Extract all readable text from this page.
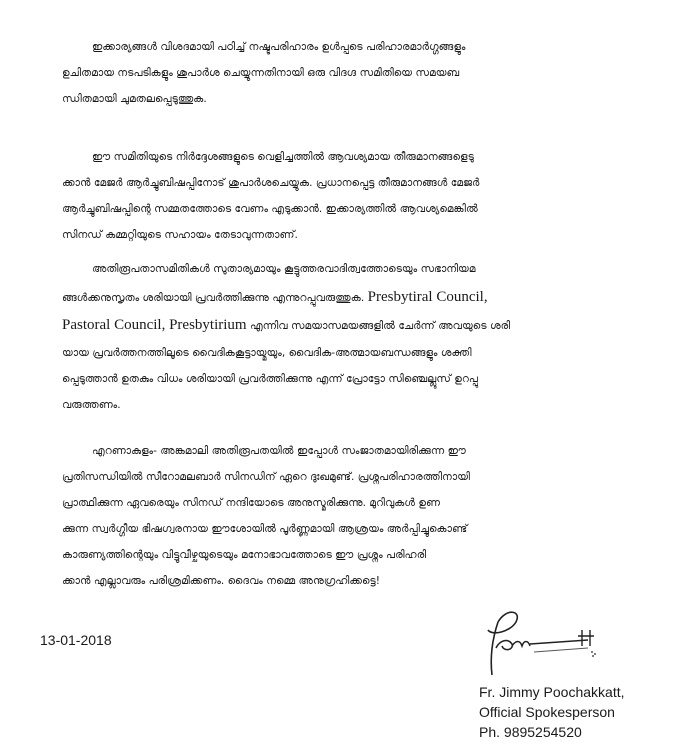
ഇക്കാര്യങ്ങൾ വിശദമായി പഠിച്ച് നഷ്ടപരിഹാരം ഉൾപ്പടെ പരിഹാരമാർഗ്ഗങ്ങളും
ഉചിതമായ നടപടികളും ശുപാർശ ചെയ്യുന്നതിനായി ഒരു വിദഗ്ദ സമിതിയെ സമയബ
ന്ധിതമായി ചുമതലപ്പെടുത്തുക.
ഈ സമിതിയുടെ നിർദ്ദേശങ്ങളുടെ വെളിച്ചത്തിൽ ആവശ്യമായ തീരുമാനങ്ങളെടു
ക്കാൻ മേജർ ആർച്ചുബിഷപ്പിനോട് ശുപാർശചെയ്യുക. പ്രധാനപ്പെട്ട തീരുമാനങ്ങൾ മേജർ
ആർച്ചുബിഷപ്പിന്റെ സമ്മതത്തോടെ വേണം എടുക്കാൻ. ഇക്കാര്യത്തിൽ ആവശ്യമെങ്കിൽ
സിനഡ് കമ്മറ്റിയുടെ സഹായം തേടാവുന്നതാണ്.
അതിരൂപതാസമിതികൾ സുതാര്യമായും കൂട്ടുത്തരവാദിത്വത്തോടെയും സഭാനിയമ
ങ്ങൾക്കനുസൃതം ശരിയായി പ്രവർത്തിക്കുന്നു എന്നുറപ്പുവരുത്തുക. Presbytiral Council,
Pastoral Council, Presbytirium എന്നിവ സമയാസമയങ്ങളിൽ ചേർന്ന് അവയുടെ ശരി
യായ പ്രവർത്തനത്തിലൂടെ വൈദികകൂട്ടായ്മയും, വൈദിക-അത്മായബന്ധങ്ങളും ശക്തി
പ്പെടുത്താൻ ഉതകും വിധം ശരിയായി പ്രവർത്തിക്കുന്നു എന്ന് പ്രോട്ടോ സിഞ്ചെല്ലൂസ് ഉറപ്പു
വരുത്തണം.
എറണാകുളം- അങ്കമാലി അതിരൂപതയിൽ ഇപ്പോൾ സംജാതമായിരിക്കുന്ന ഈ
പ്രതിസന്ധിയിൽ സീറോമലബാർ സിനഡിന് ഏറെ ദുഃഖമുണ്ട്. പ്രശ്നപരിഹാരത്തിനായി
പ്രാത്ഥിക്കുന്ന ഏവരെയും സിനഡ് നന്ദിയോടെ അനുസ്മരിക്കുന്നു. മുറിവുകൾ ഉണ
ക്കുന്ന സ്വർഗ്ഗീയ ഭിഷഗ്വരനായ ഈശോയിൽ പൂർണ്ണമായി ആശ്രയം അർപ്പിച്ചുകൊണ്ട്
കാരുണ്യത്തിന്റെയും വിട്ടുവീഴ്ചയുടെയും മനോഭാവത്തോടെ ഈ പ്രശ്നം പരിഹരി
ക്കാൻ എല്ലാവരും പരിശ്രമിക്കണം. ദൈവം നമ്മെ അനുഗ്രഹിക്കട്ടെ!
13-01-2018
Fr. Jimmy Poochakkatt,
Official Spokesperson
Ph. 9895254520
